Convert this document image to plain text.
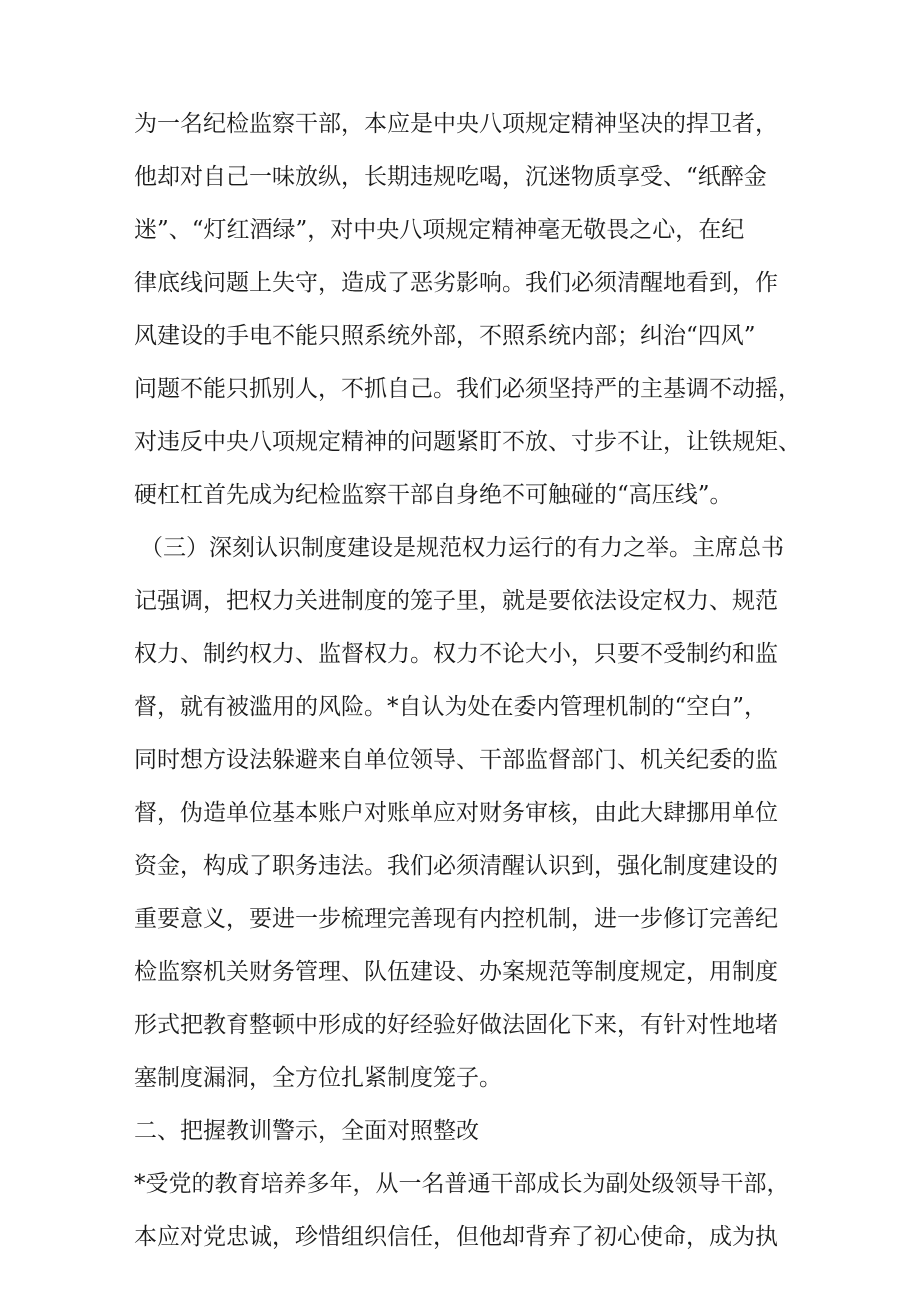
为一名纪检监察干部，本应是中央八项规定精神坚决的捍卫者，
他却对自己一味放纵，长期违规吃喝，沉迷物质享受、“纸醉金
迷”、“灯红酒绿”，对中央八项规定精神毫无敬畏之心，在纪
律底线问题上失守，造成了恶劣影响。我们必须清醒地看到，作
风建设的手电不能只照系统外部，不照系统内部；纠治“四风”
问题不能只抓别人，不抓自己。我们必须坚持严的主基调不动摇，
对违反中央八项规定精神的问题紧盯不放、寸步不让，让铁规矩、
硬杠杠首先成为纪检监察干部自身绝不可触碰的“高压线”。
（三）深刻认识制度建设是规范权力运行的有力之举。主席总书
记强调，把权力关进制度的笼子里，就是要依法设定权力、规范
权力、制约权力、监督权力。权力不论大小，只要不受制约和监
督，就有被滥用的风险。*自认为处在委内管理机制的“空白”，
同时想方设法躲避来自单位领导、干部监督部门、机关纪委的监
督，伪造单位基本账户对账单应对财务审核，由此大肆挪用单位
资金，构成了职务违法。我们必须清醒认识到，强化制度建设的
重要意义，要进一步梳理完善现有内控机制，进一步修订完善纪
检监察机关财务管理、队伍建设、办案规范等制度规定，用制度
形式把教育整顿中形成的好经验好做法固化下来，有针对性地堵
塞制度漏洞，全方位扎紧制度笼子。
二、把握教训警示，全面对照整改
*受党的教育培养多年，从一名普通干部成长为副处级领导干部，
本应对党忠诚，珍惜组织信任，但他却背弃了初心使命，成为执
